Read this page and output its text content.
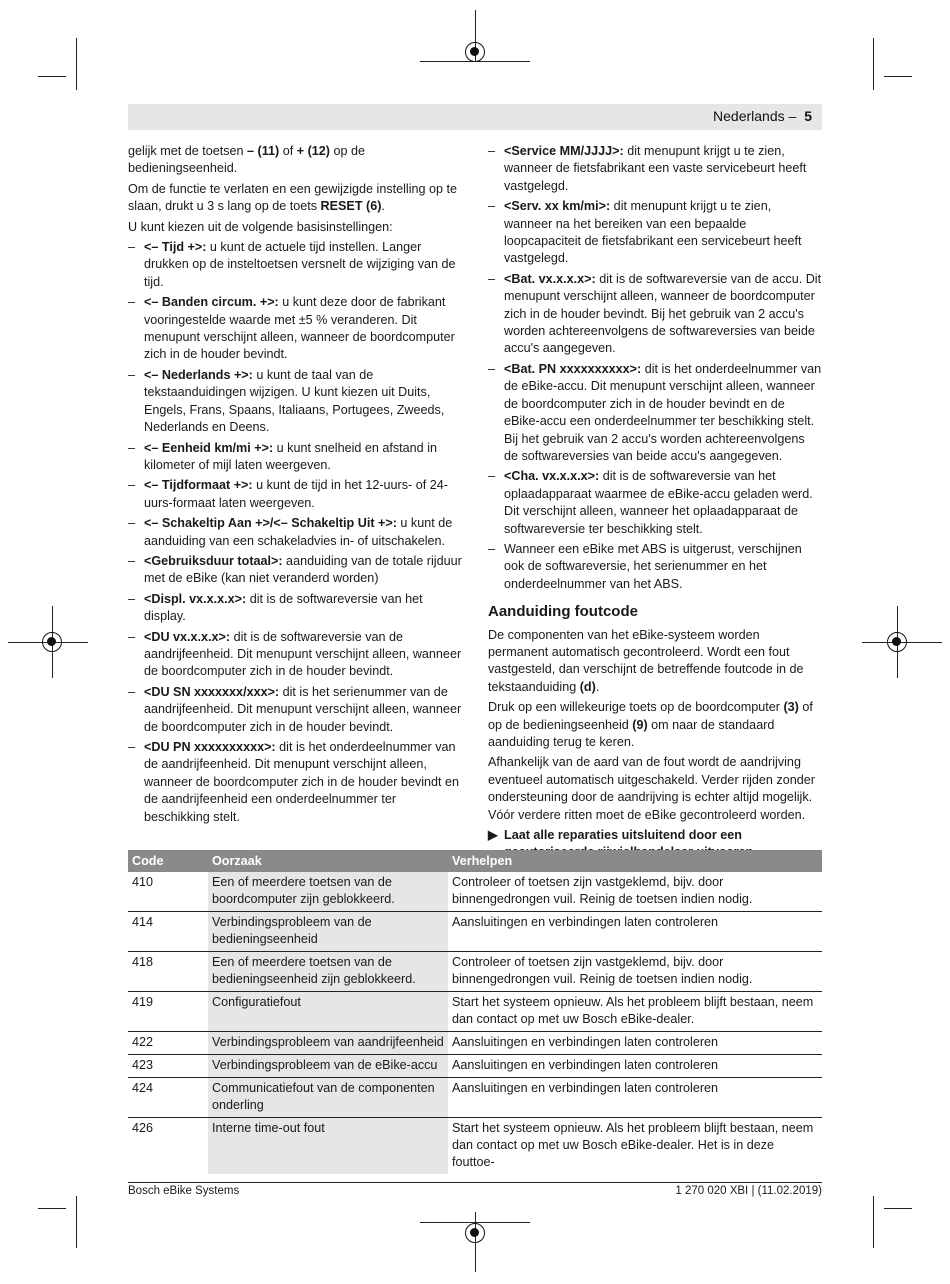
Nederlands – 5

gelijk met de toetsen – (11) of + (12) op de bedieningseenheid.

Om de functie te verlaten en een gewijzigde instelling op te slaan, drukt u 3 s lang op de toets RESET (6).

U kunt kiezen uit de volgende basisinstellingen:

– <– Tijd +>: u kunt de actuele tijd instellen. Langer drukken op de insteltoetsen versnelt de wijziging van de tijd.
– <– Banden circum. +>: u kunt deze door de fabrikant vooringestelde waarde met ±5 % veranderen. Dit menupunt verschijnt alleen, wanneer de boordcomputer zich in de houder bevindt.
– <– Nederlands +>: u kunt de taal van de tekstaanduidingen wijzigen. U kunt kiezen uit Duits, Engels, Frans, Spaans, Italiaans, Portugees, Zweeds, Nederlands en Deens.
– <– Eenheid km/mi +>: u kunt snelheid en afstand in kilometer of mijl laten weergeven.
– <– Tijdformaat +>: u kunt de tijd in het 12-uurs- of 24-uurs-formaat laten weergeven.
– <– Schakeltip Aan +>/<– Schakeltip Uit +>: u kunt de aanduiding van een schakeladvies in- of uitschakelen.
– <Gebruiksduur totaal>: aanduiding van de totale rijduur met de eBike (kan niet veranderd worden)
– <Displ. vx.x.x.x>: dit is de softwareversie van het display.
– <DU vx.x.x.x>: dit is de softwareversie van de aandrijfeenheid. Dit menupunt verschijnt alleen, wanneer de boordcomputer zich in de houder bevindt.
– <DU SN xxxxxxx/xxx>: dit is het serienummer van de aandrijfeenheid. Dit menupunt verschijnt alleen, wanneer de boordcomputer zich in de houder bevindt.
– <DU PN xxxxxxxxxx>: dit is het onderdeelnummer van de aandrijfeenheid. Dit menupunt verschijnt alleen, wanneer de boordcomputer zich in de houder bevindt en de aandrijfeenheid een onderdeelnummer ter beschikking stelt.
– <Service MM/JJJJ>: dit menupunt krijgt u te zien, wanneer de fietsfabrikant een vaste servicebeurt heeft vastgelegd.
– <Serv. xx km/mi>: dit menupunt krijgt u te zien, wanneer na het bereiken van een bepaalde loopcapaciteit de fietsfabrikant een servicebeurt heeft vastgelegd.
– <Bat. vx.x.x.x>: dit is de softwareversie van de accu. Dit menupunt verschijnt alleen, wanneer de boordcomputer zich in de houder bevindt. Bij het gebruik van 2 accu's worden achtereenvolgens de softwareversies van beide accu's aangegeven.
– <Bat. PN xxxxxxxxxx>: dit is het onderdeelnummer van de eBike-accu. Dit menupunt verschijnt alleen, wanneer de boordcomputer zich in de houder bevindt en de eBike-accu een onderdeelnummer ter beschikking stelt. Bij het gebruik van 2 accu's worden achtereenvolgens de softwareversies van beide accu's aangegeven.
– <Cha. vx.x.x.x>: dit is de softwareversie van het oplaadapparaat waarmee de eBike-accu geladen werd. Dit verschijnt alleen, wanneer het oplaadapparaat de softwareversie ter beschikking stelt.
– Wanneer een eBike met ABS is uitgerust, verschijnen ook de softwareversie, het serienummer en het onderdeelnummer van het ABS.
Aanduiding foutcode

De componenten van het eBike-systeem worden permanent automatisch gecontroleerd. Wordt een fout vastgesteld, dan verschijnt de betreffende foutcode in de tekstaanduiding (d).

Druk op een willekeurige toets op de boordcomputer (3) of op de bedieningseenheid (9) om naar de standaard aanduiding terug te keren.

Afhankelijk van de aard van de fout wordt de aandrijving eventueel automatisch uitgeschakeld. Verder rijden zonder ondersteuning door de aandrijving is echter altijd mogelijk. Vóór verdere ritten moet de eBike gecontroleerd worden.

▶ Laat alle reparaties uitsluitend door een
Code	Oorzaak	Verhelpen
410	Een of meerdere toetsen van de boordcomputer zijn geblokkeerd.	Controleer of toetsen zijn vastgeklemd, bijv. door binnengedrongen vuil. Reinig de toetsen indien nodig.
414	Verbindingsprobleem van de bedieningseenheid	Aansluitingen en verbindingen laten controleren
418	Een of meerdere toetsen van de bedieningseenheid zijn geblokkeerd.	Controleer of toetsen zijn vastgeklemd, bijv. door binnengedrongen vuil. Reinig de toetsen indien nodig.
419	Configuratiefout	Start het systeem opnieuw. Als het probleem blijft bestaan, neem dan contact op met uw Bosch eBike-dealer.
422	Verbindingsprobleem van aandrijfeenheid	Aansluitingen en verbindingen laten controleren
423	Verbindingsprobleem van de eBike-accu	Aansluitingen en verbindingen laten controleren
424	Communicatiefout van de componenten onderling	Aansluitingen en verbindingen laten controleren
426	Interne time-out fout	Start het systeem opnieuw. Als het probleem blijft bestaan, neem dan contact op met uw Bosch eBike-dealer. Het is in deze fouttoe-
Bosch eBike Systems	1 270 020 XBI | (11.02.2019)
